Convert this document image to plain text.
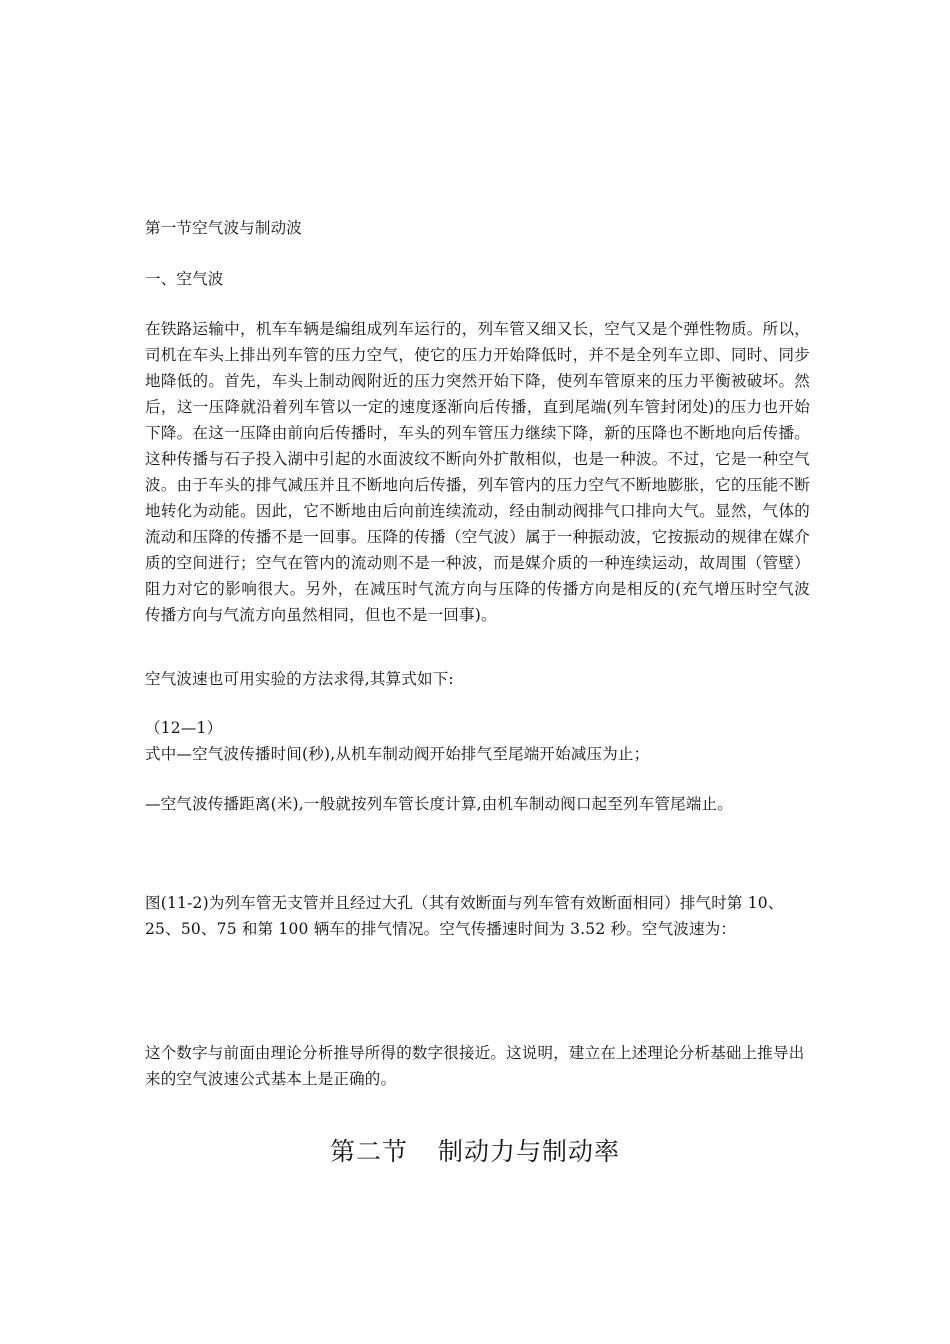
第一节空气波与制动波

一、空气波

在铁路运输中，机车车辆是编组成列车运行的，列车管又细又长，空气又是个弹性物质。所以，司机在车头上排出列车管的压力空气，使它的压力开始降低时，并不是全列车立即、同时、同步地降低的。首先，车头上制动阀附近的压力突然开始下降，使列车管原来的压力平衡被破坏。然后，这一压降就沿着列车管以一定的速度逐渐向后传播，直到尾端(列车管封闭处)的压力也开始下降。在这一压降由前向后传播时，车头的列车管压力继续下降，新的压降也不断地向后传播。这种传播与石子投入湖中引起的水面波纹不断向外扩散相似，也是一种波。不过，它是一种空气波。由于车头的排气减压并且不断地向后传播，列车管内的压力空气不断地膨胀，它的压能不断地转化为动能。因此，它不断地由后向前连续流动，经由制动阀排气口排向大气。显然，气体的流动和压降的传播不是一回事。压降的传播（空气波）属于一种振动波，它按振动的规律在媒介质的空间进行；空气在管内的流动则不是一种波，而是媒介质的一种连续运动，故周围（管壁）阻力对它的影响很大。另外，在减压时气流方向与压降的传播方向是相反的(充气增压时空气波传播方向与气流方向虽然相同，但也不是一回事)。

空气波速也可用实验的方法求得,其算式如下:

（12—1）

式中—空气波传播时间(秒),从机车制动阀开始排气至尾端开始减压为止；

—空气波传播距离(米),一般就按列车管长度计算,由机车制动阀口起至列车管尾端止。

图(11-2)为列车管无支管并且经过大孔（其有效断面与列车管有效断面相同）排气时第 10、25、50、75 和第 100 辆车的排气情况。空气传播速时间为 3.52 秒。空气波速为：

这个数字与前面由理论分析推导所得的数字很接近。这说明，建立在上述理论分析基础上推导出来的空气波速公式基本上是正确的。

第二节 制动力与制动率
